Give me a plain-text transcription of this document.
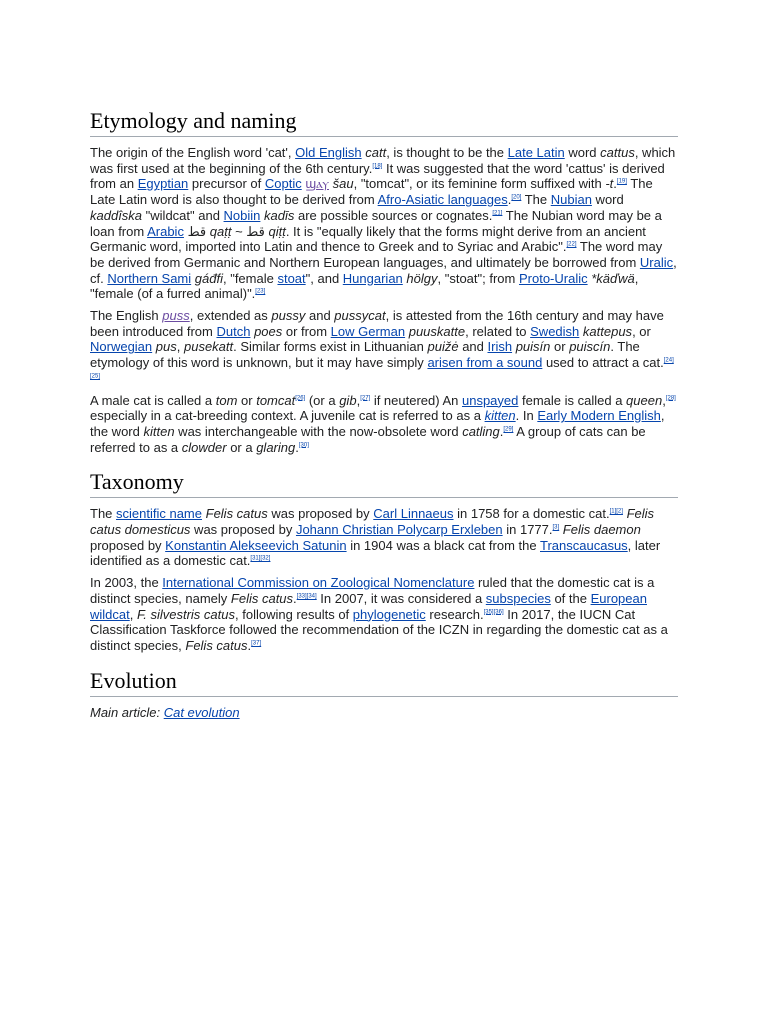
Etymology and naming

The origin of the English word 'cat', Old English catt, is thought to be the Late Latin word cattus, which was first used at the beginning of the 6th century.[18] It was suggested that the word 'cattus' is derived from an Egyptian precursor of Coptic ϣⲁⲩ šau, "tomcat", or its feminine form suffixed with -t.[19] The Late Latin word is also thought to be derived from Afro-Asiatic languages.[20] The Nubian word kaddîska "wildcat" and Nobiin kadīs are possible sources or cognates.[21] The Nubian word may be a loan from Arabic قط qaṭṭ ~ قط qiṭṭ. It is "equally likely that the forms might derive from an ancient Germanic word, imported into Latin and thence to Greek and to Syriac and Arabic".[22] The word may be derived from Germanic and Northern European languages, and ultimately be borrowed from Uralic, cf. Northern Sami gáđfi, "female stoat", and Hungarian hölgy, "stoat"; from Proto-Uralic *käďwä, "female (of a furred animal)".[23]

The English puss, extended as pussy and pussycat, is attested from the 16th century and may have been introduced from Dutch poes or from Low German puuskatte, related to Swedish kattepus, or Norwegian pus, pusekatt. Similar forms exist in Lithuanian puižė and Irish puisín or puiscín. The etymology of this word is unknown, but it may have simply arisen from a sound used to attract a cat.[24][25]

A male cat is called a tom or tomcat[26] (or a gib,[27] if neutered) An unspayed female is called a queen,[28] especially in a cat-breeding context. A juvenile cat is referred to as a kitten. In Early Modern English, the word kitten was interchangeable with the now-obsolete word catling.[29] A group of cats can be referred to as a clowder or a glaring.[30]

Taxonomy

The scientific name Felis catus was proposed by Carl Linnaeus in 1758 for a domestic cat.[1][2] Felis catus domesticus was proposed by Johann Christian Polycarp Erxleben in 1777.[3] Felis daemon proposed by Konstantin Alekseevich Satunin in 1904 was a black cat from the Transcaucasus, later identified as a domestic cat.[31][32]

In 2003, the International Commission on Zoological Nomenclature ruled that the domestic cat is a distinct species, namely Felis catus.[33][34] In 2007, it was considered a subspecies of the European wildcat, F. silvestris catus, following results of phylogenetic research.[35][36] In 2017, the IUCN Cat Classification Taskforce followed the recommendation of the ICZN in regarding the domestic cat as a distinct species, Felis catus.[37]

Evolution

Main article: Cat evolution
